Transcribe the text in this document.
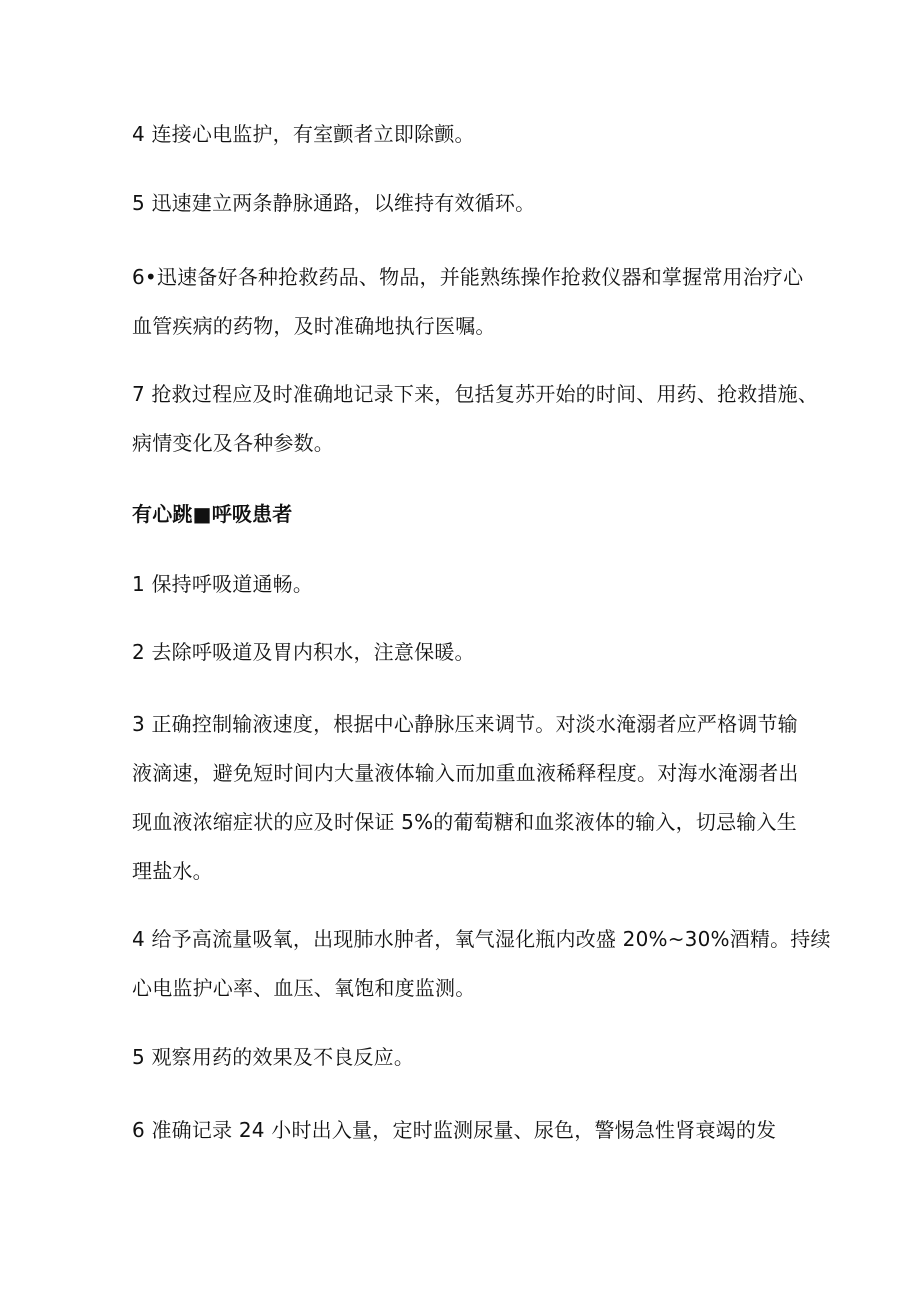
4 连接心电监护，有室颤者立即除颤。
5 迅速建立两条静脉通路，以维持有效循环。
6•迅速备好各种抢救药品、物品，并能熟练操作抢救仪器和掌握常用治疗心
血管疾病的药物，及时准确地执行医嘱。
7 抢救过程应及时准确地记录下来，包括复苏开始的时间、用药、抢救措施、
病情变化及各种参数。
有心跳■呼吸患者
1 保持呼吸道通畅。
2 去除呼吸道及胃内积水，注意保暖。
3 正确控制输液速度，根据中心静脉压来调节。对淡水淹溺者应严格调节输
液滴速，避免短时间内大量液体输入而加重血液稀释程度。对海水淹溺者出
现血液浓缩症状的应及时保证 5%的葡萄糖和血浆液体的输入，切忌输入生
理盐水。
4 给予高流量吸氧，出现肺水肿者，氧气湿化瓶内改盛 20%~30%酒精。持续
心电监护心率、血压、氧饱和度监测。
5 观察用药的效果及不良反应。
6 准确记录 24 小时出入量，定时监测尿量、尿色，警惕急性肾衰竭的发
